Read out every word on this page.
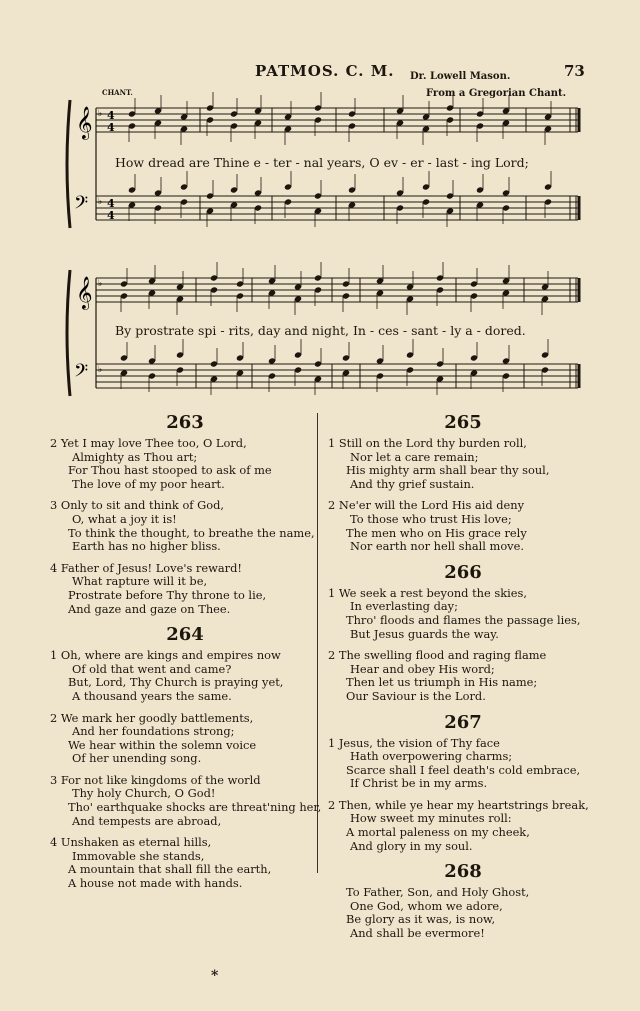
PATMOS. C. M. Dr. Lowell Mason.
From a Gregorian Chant.
73
CHANT.
𝄞
𝄢
♭
♭
4
4
4
4
𝄞
𝄢
♭
♭
How dread are Thine e - ter - nal years, O ev - er - last - ing Lord;
By prostrate spi - rits, day and night, In - ces - sant - ly a - dored.
263
2 Yet I may love Thee too, O Lord,
Almighty as Thou art;
For Thou hast stooped to ask of me
The love of my poor heart.
3 Only to sit and think of God,
O, what a joy it is!
To think the thought, to breathe the name,
Earth has no higher bliss.
4 Father of Jesus! Love's reward!
What rapture will it be,
Prostrate before Thy throne to lie,
And gaze and gaze on Thee.
264
1 Oh, where are kings and empires now
Of old that went and came?
But, Lord, Thy Church is praying yet,
A thousand years the same.
2 We mark her goodly battlements,
And her foundations strong;
We hear within the solemn voice
Of her unending song.
3 For not like kingdoms of the world
Thy holy Church, O God!
Tho' earthquake shocks are threat'ning her,
And tempests are abroad,
4 Unshaken as eternal hills,
Immovable she stands,
A mountain that shall fill the earth,
A house not made with hands.
265
1 Still on the Lord thy burden roll,
Nor let a care remain;
His mighty arm shall bear thy soul,
And thy grief sustain.
2 Ne'er will the Lord His aid deny
To those who trust His love;
The men who on His grace rely
Nor earth nor hell shall move.
266
1 We seek a rest beyond the skies,
In everlasting day;
Thro' floods and flames the passage lies,
But Jesus guards the way.
2 The swelling flood and raging flame
Hear and obey His word;
Then let us triumph in His name;
Our Saviour is the Lord.
267
1 Jesus, the vision of Thy face
Hath overpowering charms;
Scarce shall I feel death's cold embrace,
If Christ be in my arms.
2 Then, while ye hear my heartstrings break,
How sweet my minutes roll:
A mortal paleness on my cheek,
And glory in my soul.
268
To Father, Son, and Holy Ghost,
One God, whom we adore,
Be glory as it was, is now,
And shall be evermore!
*
